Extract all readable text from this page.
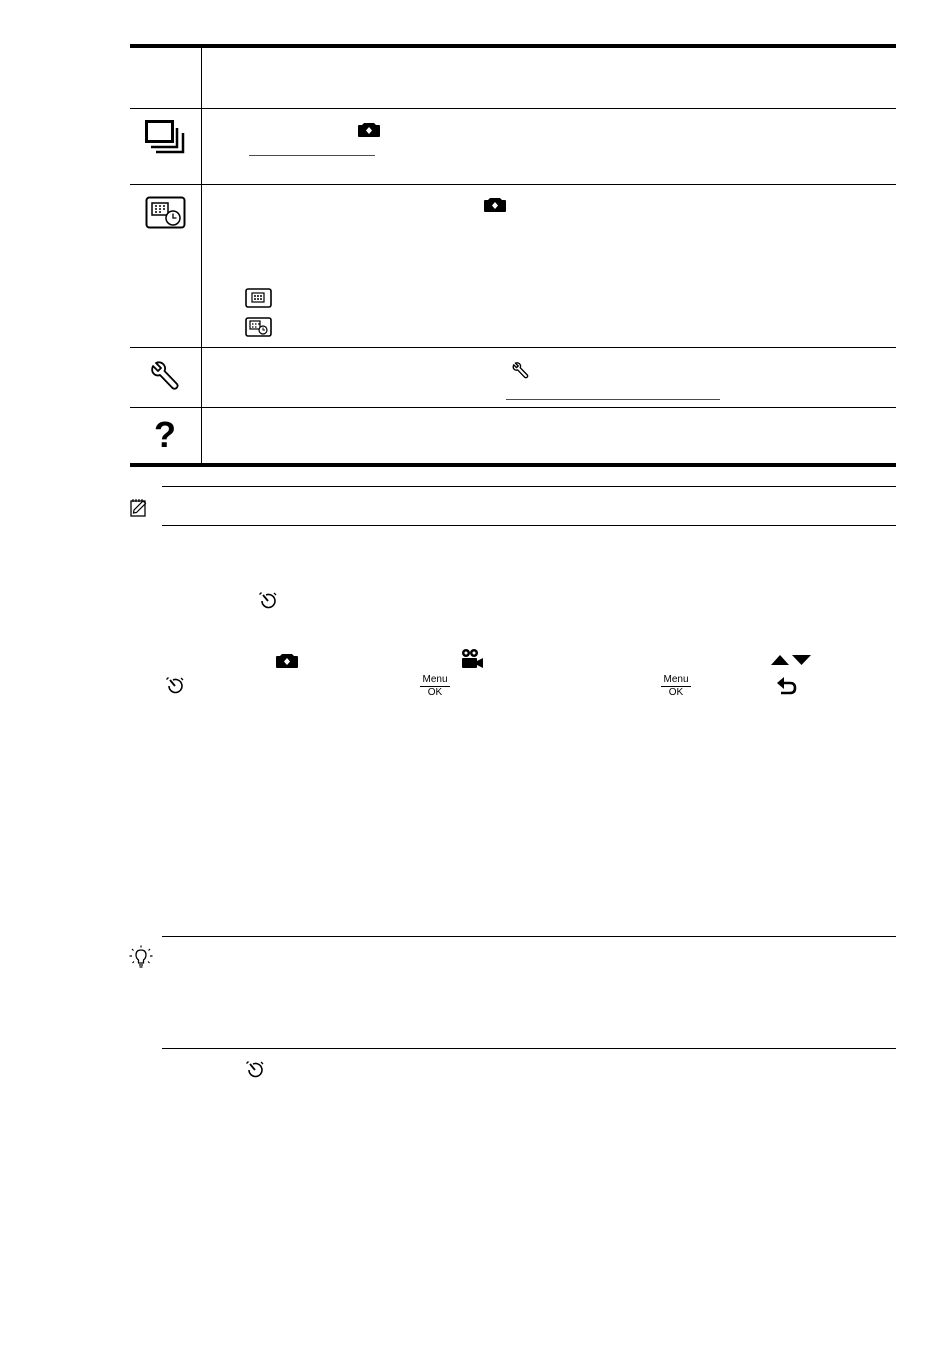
?
Menu
OK
Menu
OK
